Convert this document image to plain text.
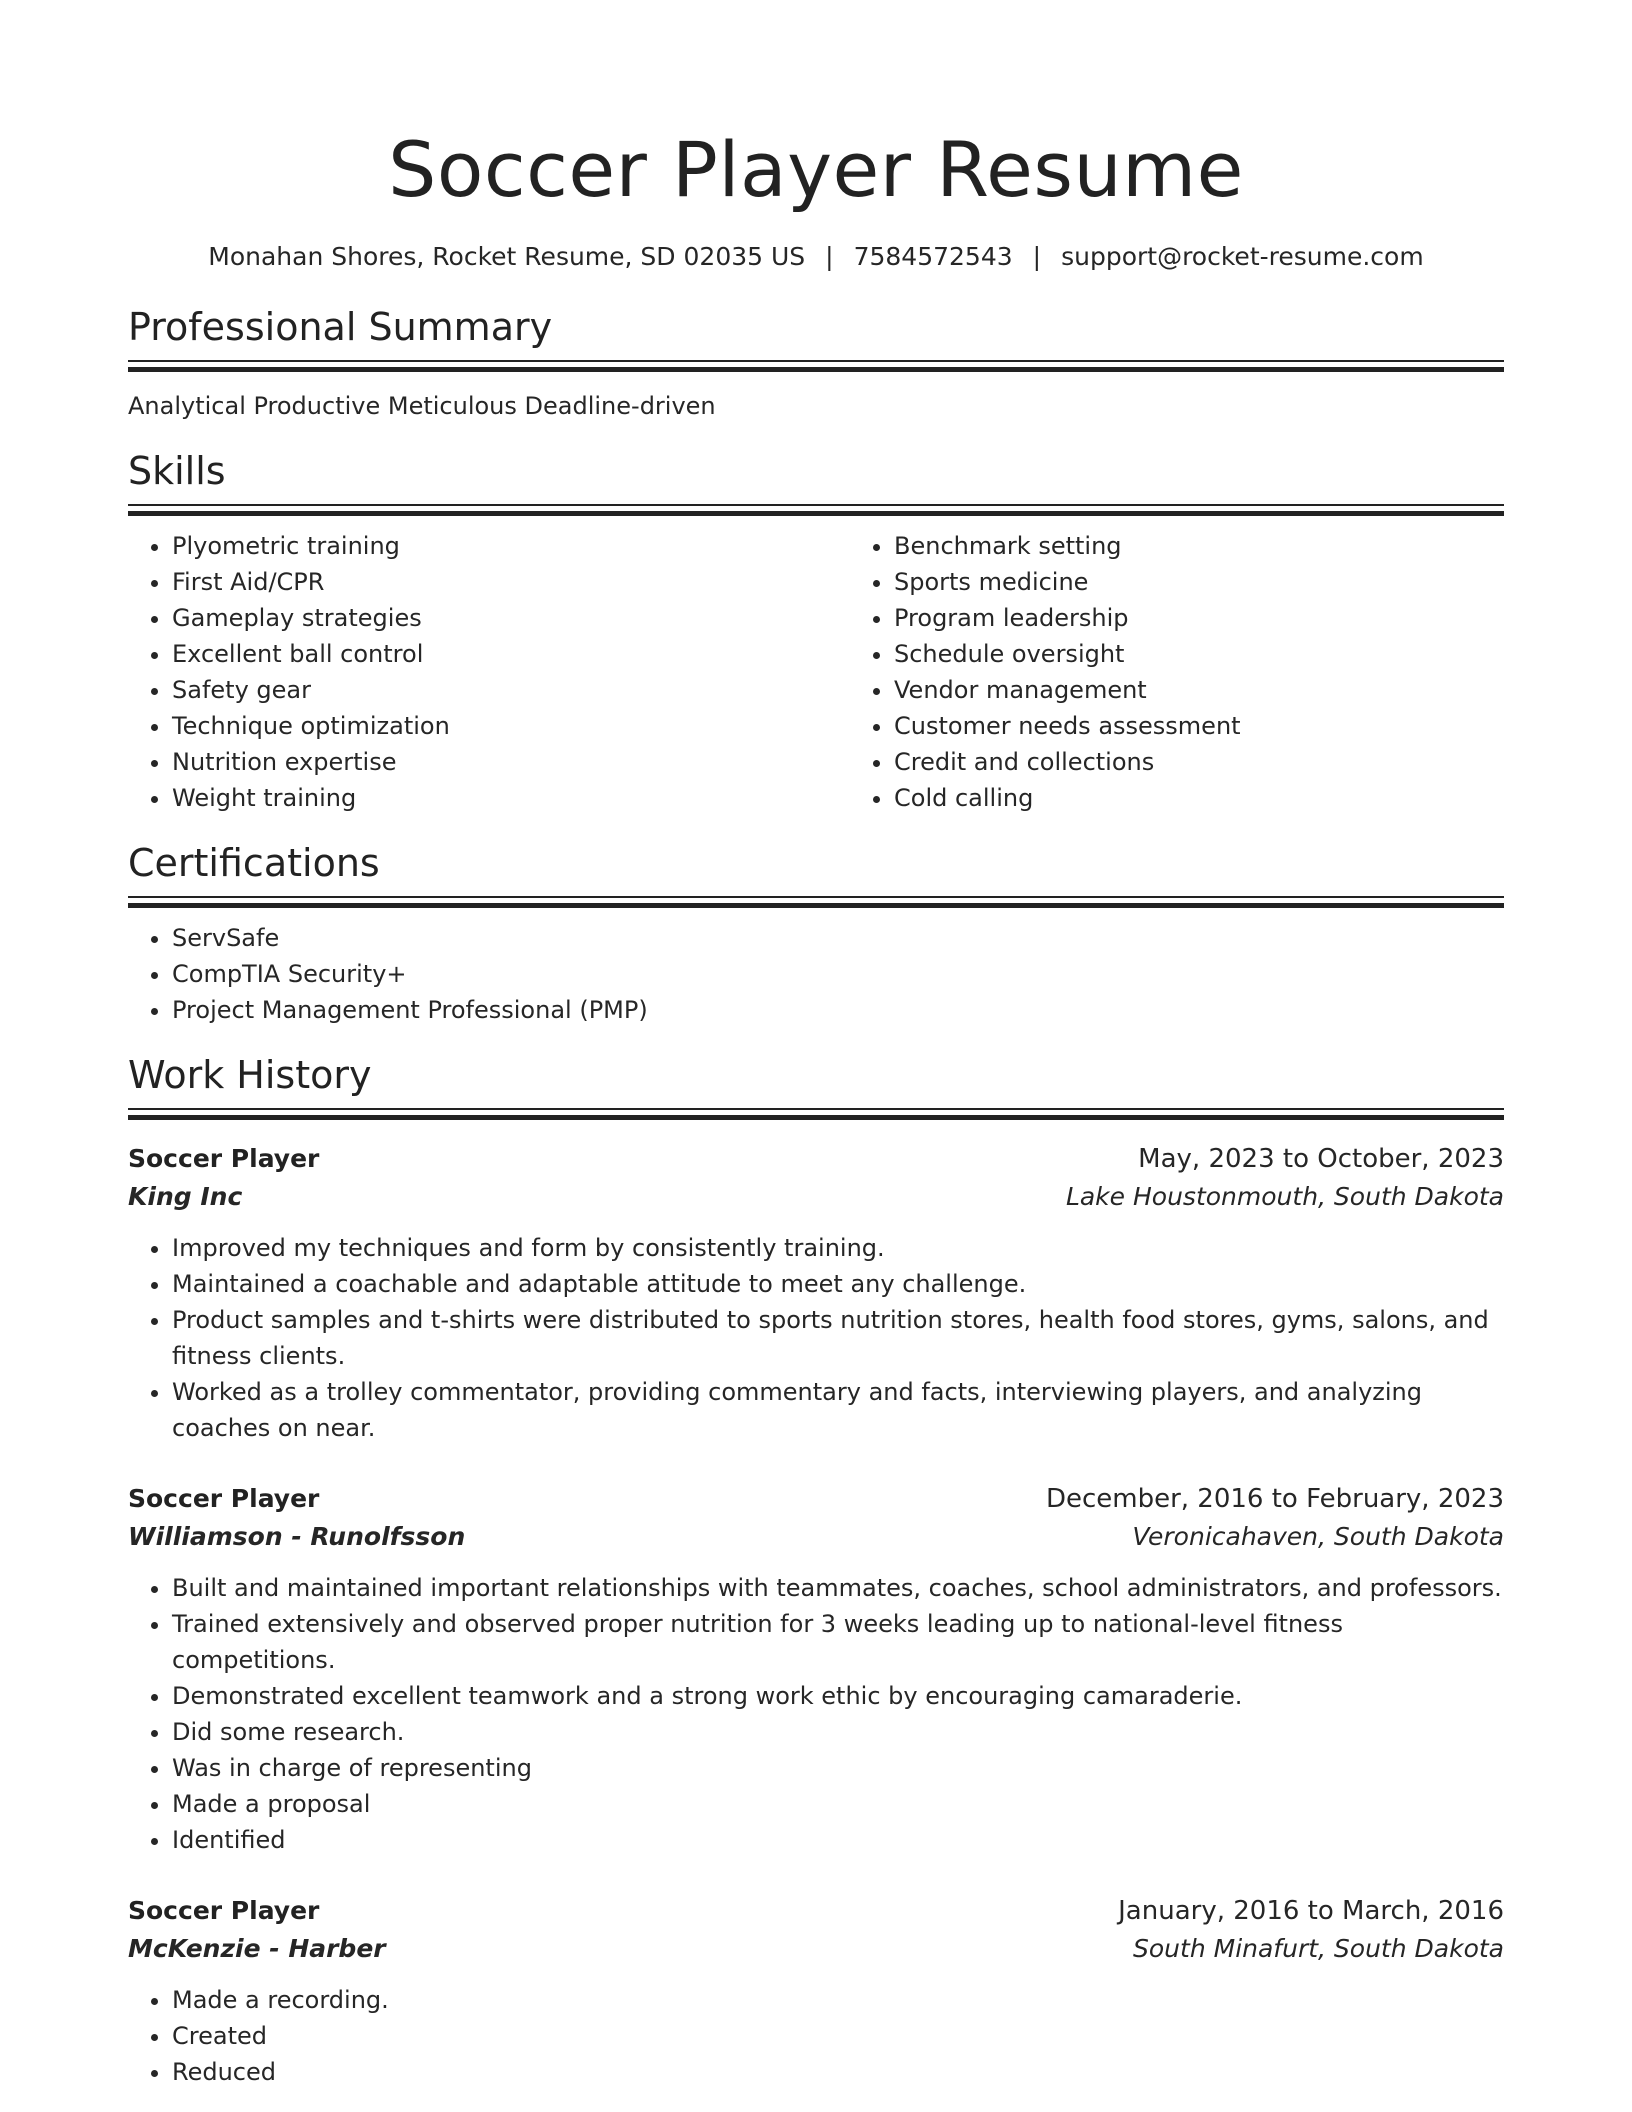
Soccer Player Resume
Monahan Shores, Rocket Resume, SD 02035 US | 7584572543 | support@rocket-resume.com
Professional Summary
Analytical Productive Meticulous Deadline-driven
Skills
• Plyometric training
• First Aid/CPR
• Gameplay strategies
• Excellent ball control
• Safety gear
• Technique optimization
• Nutrition expertise
• Weight training
• Benchmark setting
• Sports medicine
• Program leadership
• Schedule oversight
• Vendor management
• Customer needs assessment
• Credit and collections
• Cold calling
Certifications
• ServSafe
• CompTIA Security+
• Project Management Professional (PMP)
Work History
Soccer Player	May, 2023 to October, 2023
King Inc	Lake Houstonmouth, South Dakota
• Improved my techniques and form by consistently training.
• Maintained a coachable and adaptable attitude to meet any challenge.
• Product samples and t-shirts were distributed to sports nutrition stores, health food stores, gyms, salons, and fitness clients.
• Worked as a trolley commentator, providing commentary and facts, interviewing players, and analyzing coaches on near.
Soccer Player	December, 2016 to February, 2023
Williamson - Runolfsson	Veronicahaven, South Dakota
• Built and maintained important relationships with teammates, coaches, school administrators, and professors.
• Trained extensively and observed proper nutrition for 3 weeks leading up to national-level fitness competitions.
• Demonstrated excellent teamwork and a strong work ethic by encouraging camaraderie.
• Did some research.
• Was in charge of representing
• Made a proposal
• Identified
Soccer Player	January, 2016 to March, 2016
McKenzie - Harber	South Minafurt, South Dakota
• Made a recording.
• Created
• Reduced
